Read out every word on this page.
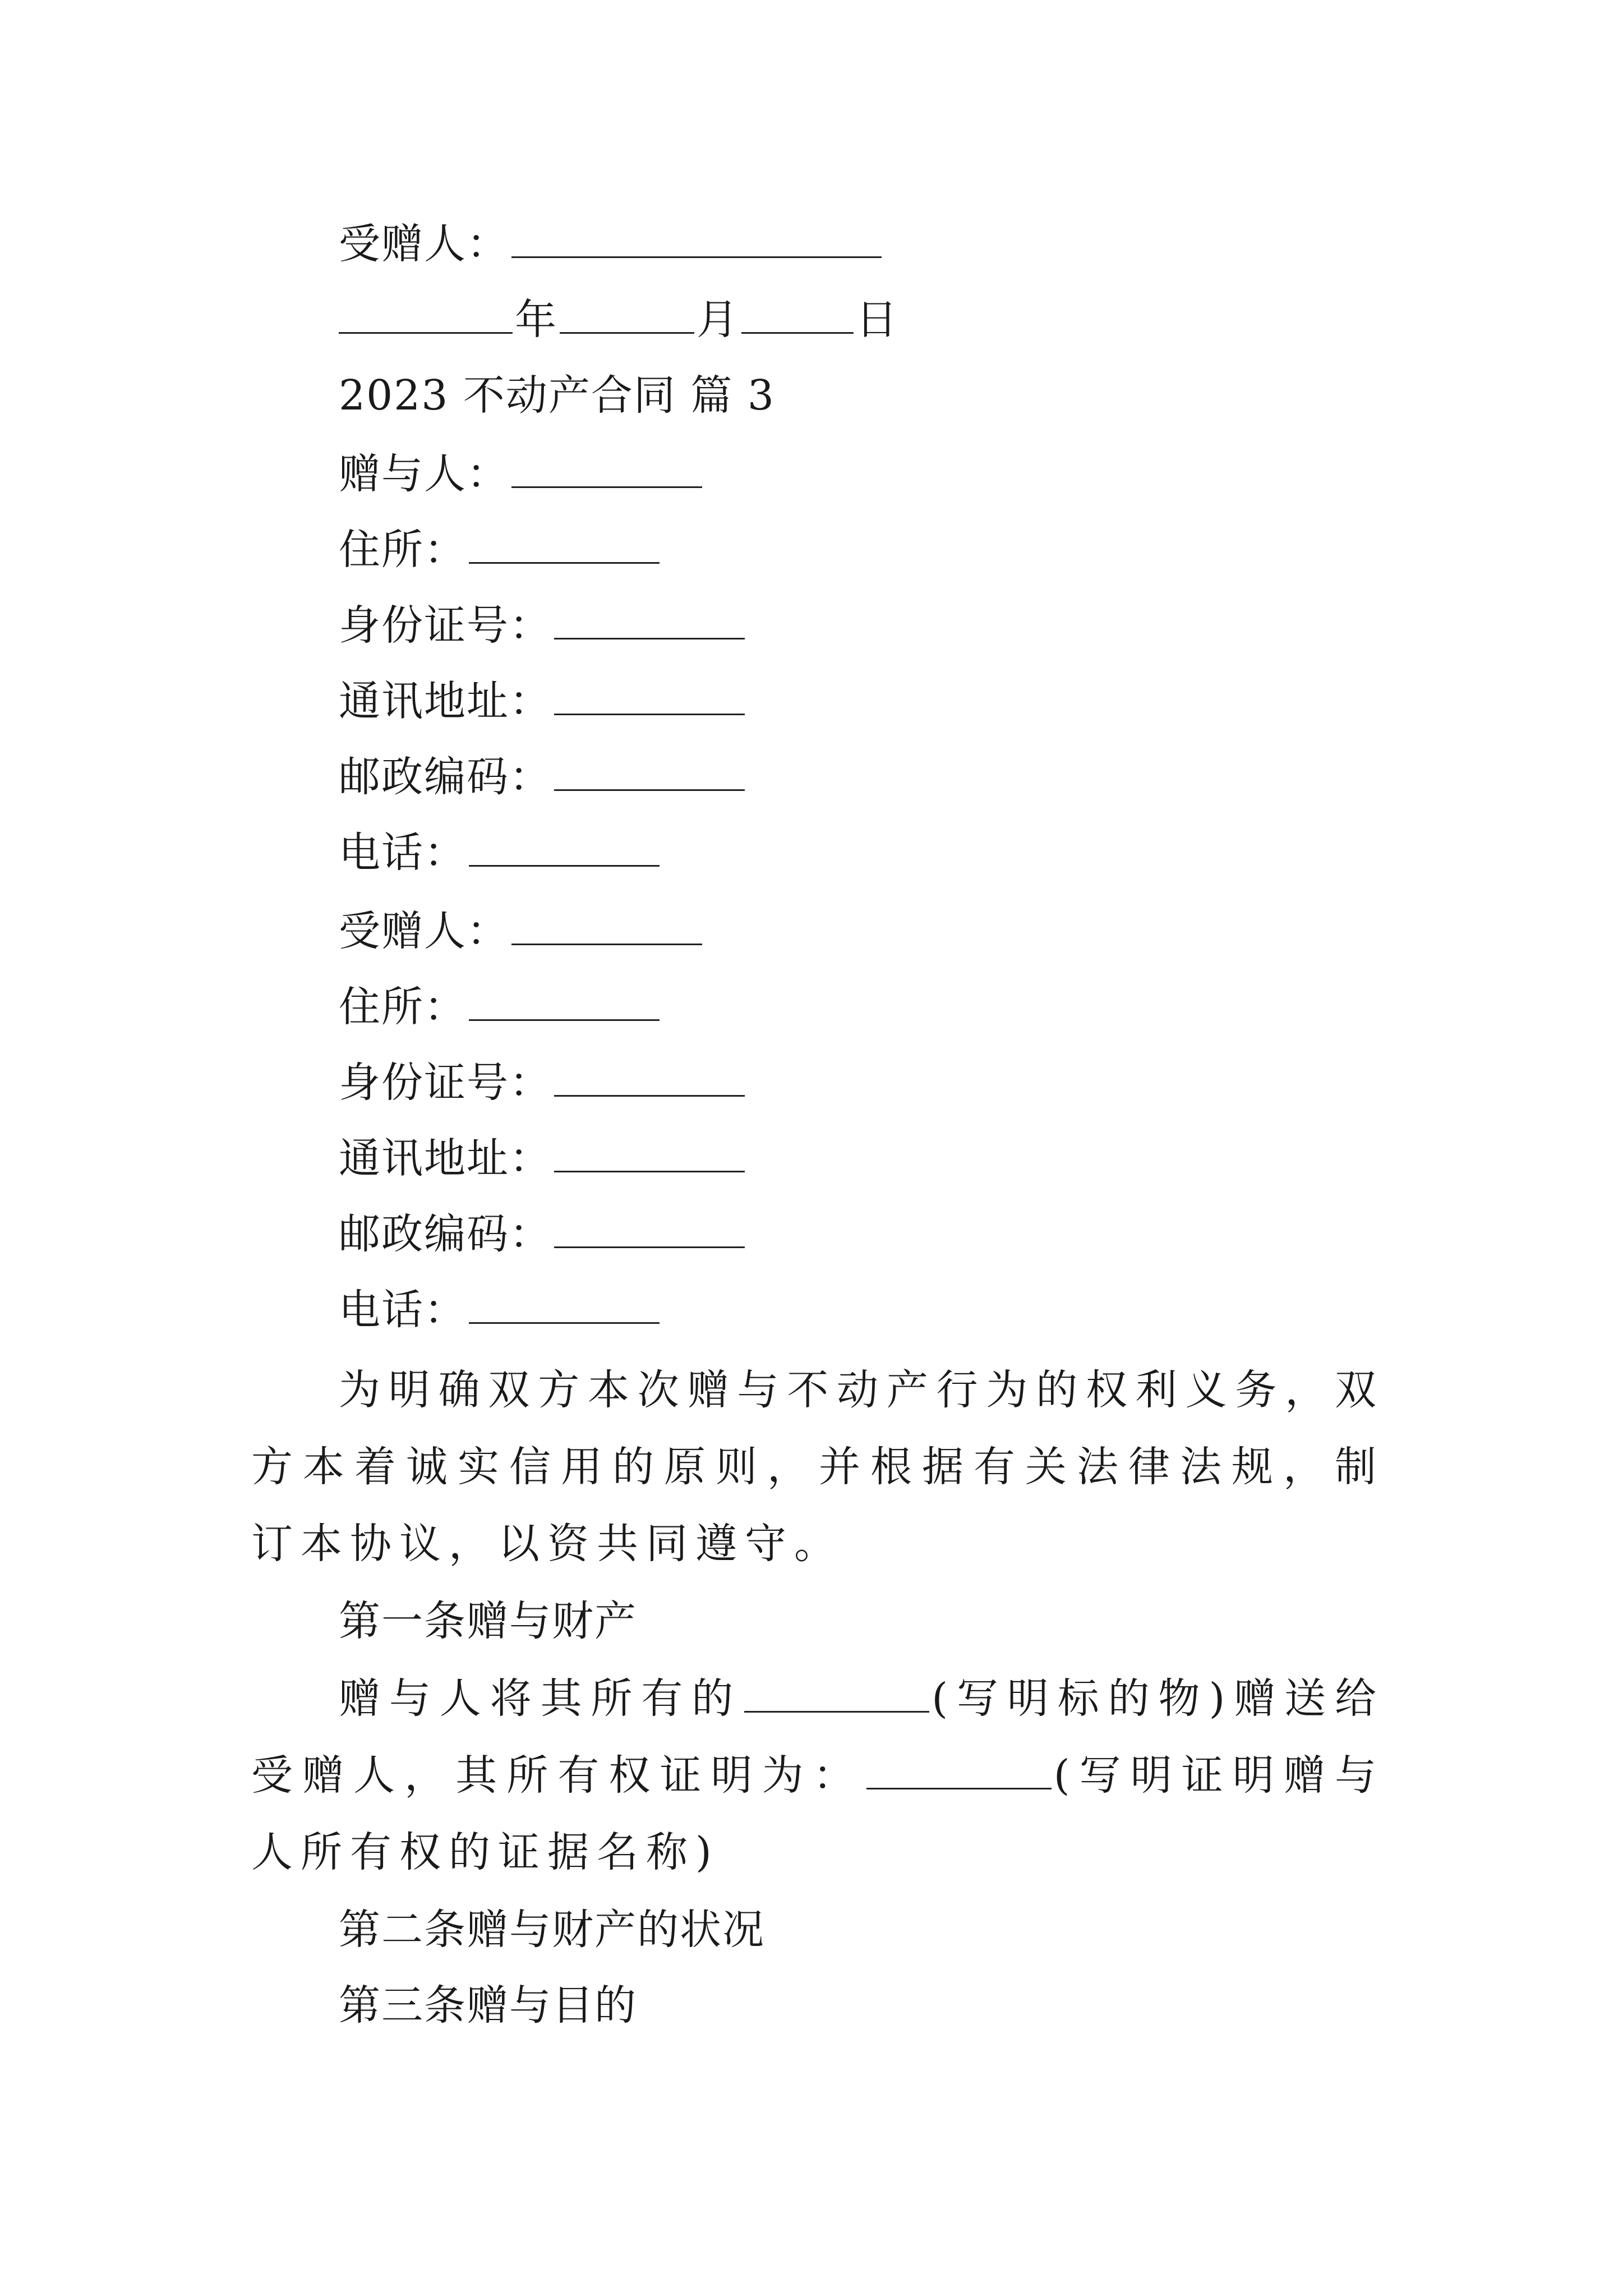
受赠人：
年	月	日
2023 不动产合同 篇 3
赠与人：
住所：
身份证号：
通讯地址：
邮政编码：
电话：
受赠人：
住所：
身份证号：
通讯地址：
邮政编码：
电话：
为明确双方本次赠与不动产行为的权利义务，双方本着诚实信用的原则，并根据有关法律法规，制订本协议，以资共同遵守。
第一条赠与财产
赠与人将其所有的	(写明标的物)赠送给受赠人，其所有权证明为：	(写明证明赠与人所有权的证据名称)
第二条赠与财产的状况
第三条赠与目的
